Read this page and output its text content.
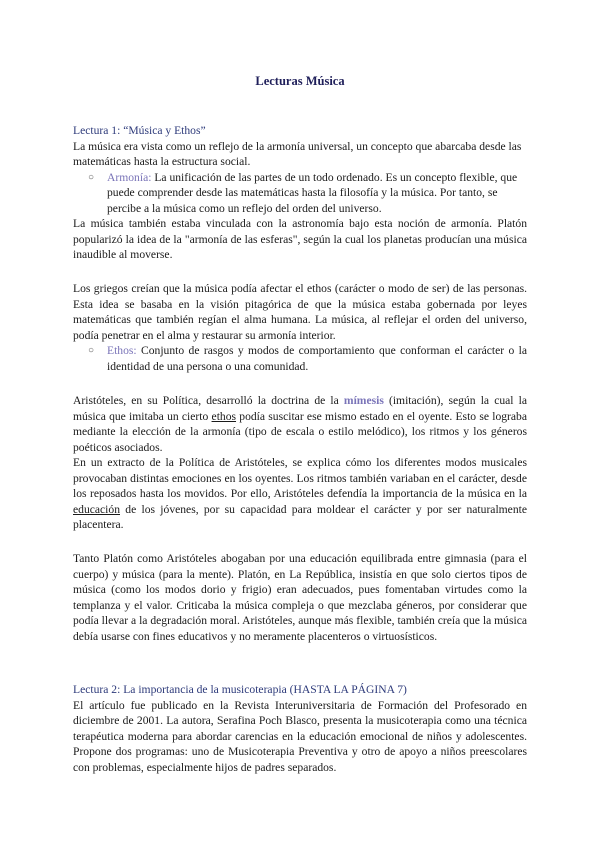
Lecturas Música

Lectura 1: “Música y Ethos”

La música era vista como un reflejo de la armonía universal, un concepto que abarcaba desde las matemáticas hasta la estructura social.

○ Armonía: La unificación de las partes de un todo ordenado. Es un concepto flexible, que puede comprender desde las matemáticas hasta la filosofía y la música. Por tanto, se percibe a la música como un reflejo del orden del universo.

La música también estaba vinculada con la astronomía bajo esta noción de armonía. Platón popularizó la idea de la "armonía de las esferas", según la cual los planetas producían una música inaudible al moverse.

Los griegos creían que la música podía afectar el ethos (carácter o modo de ser) de las personas. Esta idea se basaba en la visión pitagórica de que la música estaba gobernada por leyes matemáticas que también regían el alma humana. La música, al reflejar el orden del universo, podía penetrar en el alma y restaurar su armonía interior.

○ Ethos: Conjunto de rasgos y modos de comportamiento que conforman el carácter o la identidad de una persona o una comunidad.

Aristóteles, en su Política, desarrolló la doctrina de la mímesis (imitación), según la cual la música que imitaba un cierto ethos podía suscitar ese mismo estado en el oyente. Esto se lograba mediante la elección de la armonía (tipo de escala o estilo melódico), los ritmos y los géneros poéticos asociados.

En un extracto de la Política de Aristóteles, se explica cómo los diferentes modos musicales provocaban distintas emociones en los oyentes. Los ritmos también variaban en el carácter, desde los reposados hasta los movidos. Por ello, Aristóteles defendía la importancia de la música en la educación de los jóvenes, por su capacidad para moldear el carácter y por ser naturalmente placentera.

Tanto Platón como Aristóteles abogaban por una educación equilibrada entre gimnasia (para el cuerpo) y música (para la mente). Platón, en La República, insistía en que solo ciertos tipos de música (como los modos dorio y frigio) eran adecuados, pues fomentaban virtudes como la templanza y el valor. Criticaba la música compleja o que mezclaba géneros, por considerar que podía llevar a la degradación moral. Aristóteles, aunque más flexible, también creía que la música debía usarse con fines educativos y no meramente placenteros o virtuosísticos.

Lectura 2: La importancia de la musicoterapia (HASTA LA PÁGINA 7)

El artículo fue publicado en la Revista Interuniversitaria de Formación del Profesorado en diciembre de 2001. La autora, Serafina Poch Blasco, presenta la musicoterapia como una técnica terapéutica moderna para abordar carencias en la educación emocional de niños y adolescentes. Propone dos programas: uno de Musicoterapia Preventiva y otro de apoyo a niños preescolares con problemas, especialmente hijos de padres separados.
